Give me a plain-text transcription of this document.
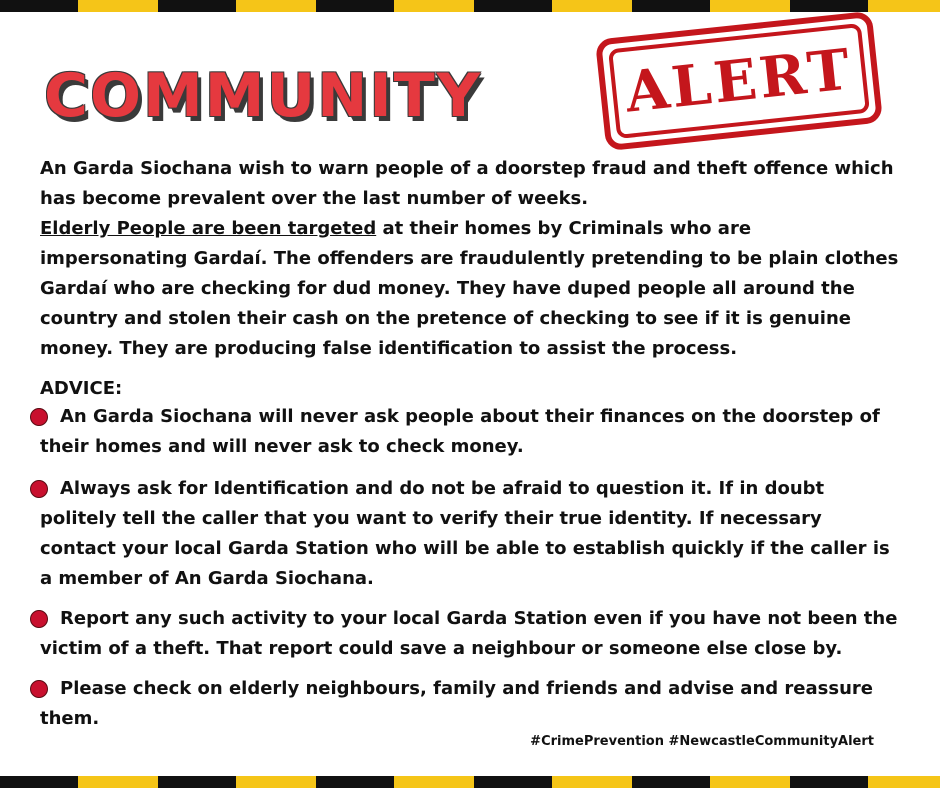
COMMUNITY	ALERT
An Garda Siochana wish to warn people of a doorstep fraud and theft offence which has become prevalent over the last number of weeks.
Elderly People are been targeted at their homes by Criminals who are impersonating Gardaí. The offenders are fraudulently pretending to be plain clothes Gardaí who are checking for dud money. They have duped people all around the country and stolen their cash on the pretence of checking to see if it is genuine money. They are producing false identification to assist the process.
ADVICE:
An Garda Siochana will never ask people about their finances on the doorstep of their homes and will never ask to check money.
Always ask for Identification and do not be afraid to question it. If in doubt politely tell the caller that you want to verify their true identity. If necessary contact your local Garda Station who will be able to establish quickly if the caller is a member of An Garda Siochana.
Report any such activity to your local Garda Station even if you have not been the victim of a theft. That report could save a neighbour or someone else close by.
Please check on elderly neighbours, family and friends and advise and reassure them.
#CrimePrevention #NewcastleCommunityAlert
